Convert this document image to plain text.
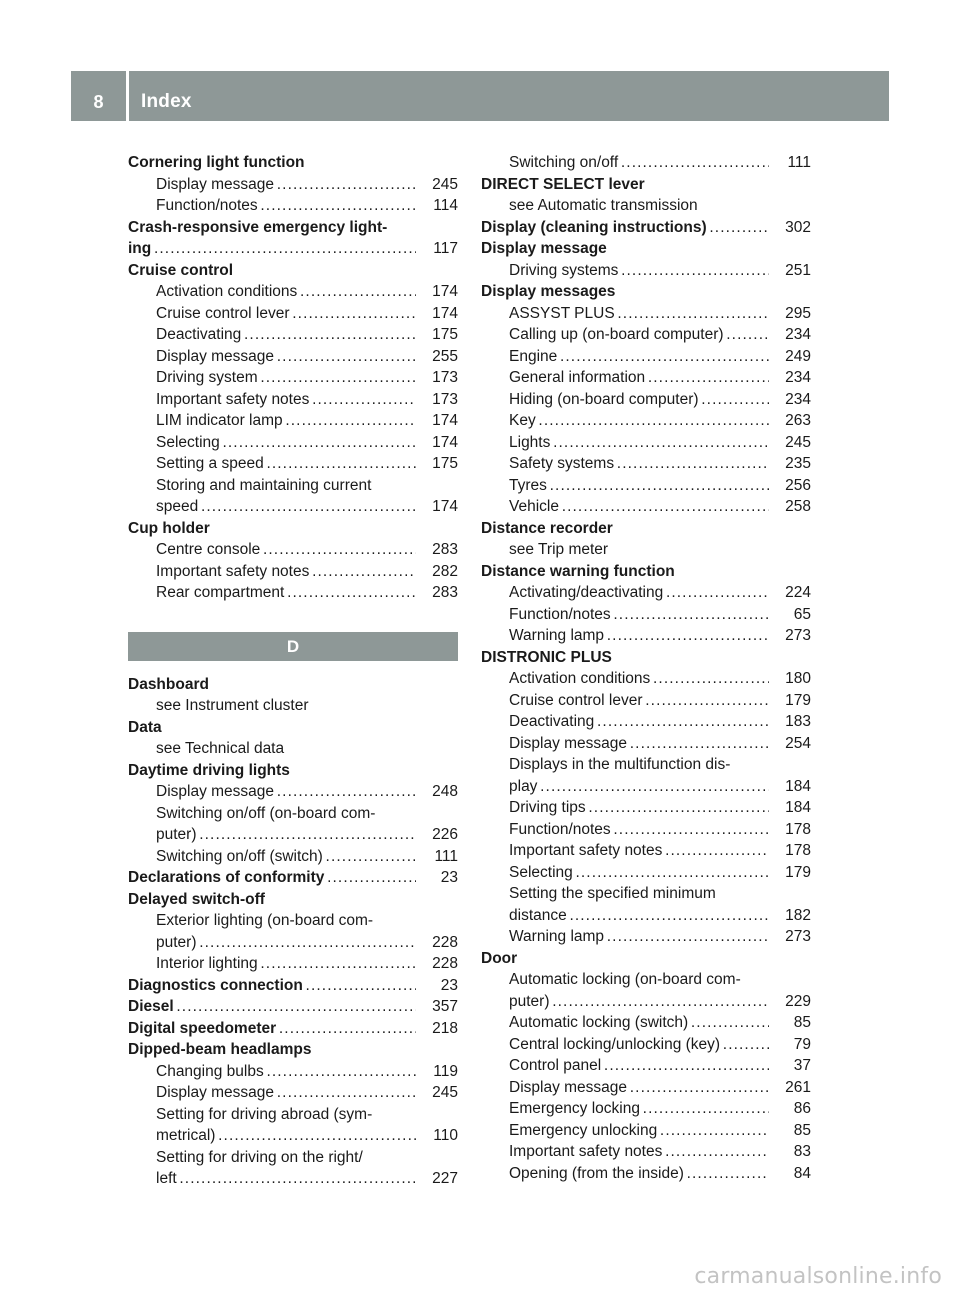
8	Index
Cornering light function
Display message . . .	245
Function/notes . . .	114
Crash-responsive emergency light-
ing . . .	117
Cruise control
Activation conditions . . .	174
Cruise control lever . . .	174
Deactivating . . .	175
Display message . . .	255
Driving system . . .	173
Important safety notes . . .	173
LIM indicator lamp . . .	174
Selecting . . .	174
Setting a speed . . .	175
Storing and maintaining current
speed . . .	174
Cup holder
Centre console . . .	283
Important safety notes . . .	282
Rear compartment . . .	283
D
Dashboard
see Instrument cluster
Data
see Technical data
Daytime driving lights
Display message . . .	248
Switching on/off (on-board com-
puter) . . .	226
Switching on/off (switch) . . .	111
Declarations of conformity . . .	23
Delayed switch-off
Exterior lighting (on-board com-
puter) . . .	228
Interior lighting . . .	228
Diagnostics connection . . .	23
Diesel . . .	357
Digital speedometer . . .	218
Dipped-beam headlamps
Changing bulbs . . .	119
Display message . . .	245
Setting for driving abroad (sym-
metrical) . . .	110
Setting for driving on the right/
left . . .	227
Switching on/off . . .	111
DIRECT SELECT lever
see Automatic transmission
Display (cleaning instructions) . . .	302
Display message
Driving systems . . .	251
Display messages
ASSYST PLUS . . .	295
Calling up (on-board computer) . . .	234
Engine . . .	249
General information . . .	234
Hiding (on-board computer) . . .	234
Key . . .	263
Lights . . .	245
Safety systems . . .	235
Tyres . . .	256
Vehicle . . .	258
Distance recorder
see Trip meter
Distance warning function
Activating/deactivating . . .	224
Function/notes . . .	65
Warning lamp . . .	273
DISTRONIC PLUS
Activation conditions . . .	180
Cruise control lever . . .	179
Deactivating . . .	183
Display message . . .	254
Displays in the multifunction dis-
play . . .	184
Driving tips . . .	184
Function/notes . . .	178
Important safety notes . . .	178
Selecting . . .	179
Setting the specified minimum
distance . . .	182
Warning lamp . . .	273
Door
Automatic locking (on-board com-
puter) . . .	229
Automatic locking (switch) . . .	85
Central locking/unlocking (key) . . .	79
Control panel . . .	37
Display message . . .	261
Emergency locking . . .	86
Emergency unlocking . . .	85
Important safety notes . . .	83
Opening (from the inside) . . .	84
carmanualsonline.info
